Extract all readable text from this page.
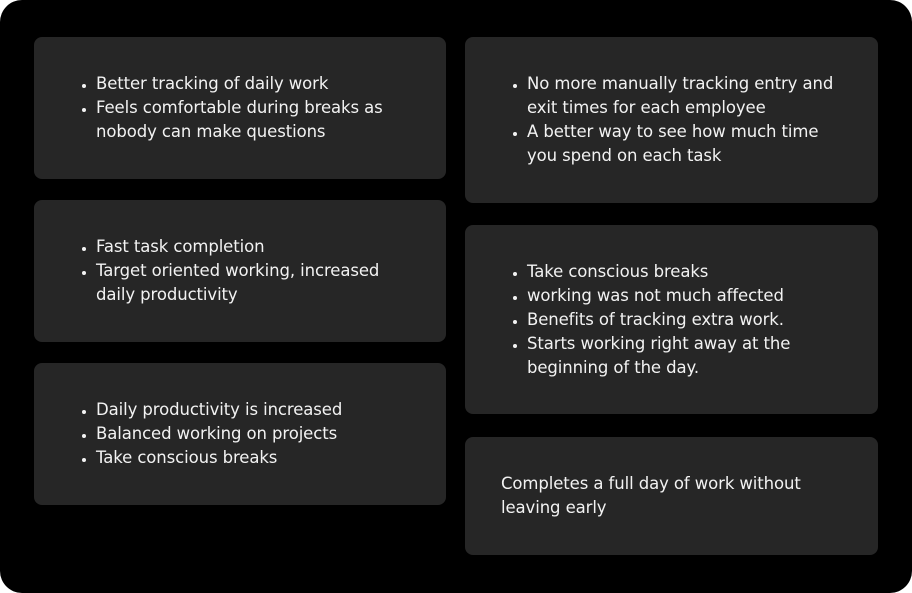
• Better tracking of daily work
• Feels comfortable during breaks as nobody can make questions
• Fast task completion
• Target oriented working, increased daily productivity
• Daily productivity is increased
• Balanced working on projects
• Take conscious breaks
• No more manually tracking entry and exit times for each employee
• A better way to see how much time you spend on each task
• Take conscious breaks
• working was not much affected
• Benefits of tracking extra work.
• Starts working right away at the beginning of the day.

Completes a full day of work without leaving early
